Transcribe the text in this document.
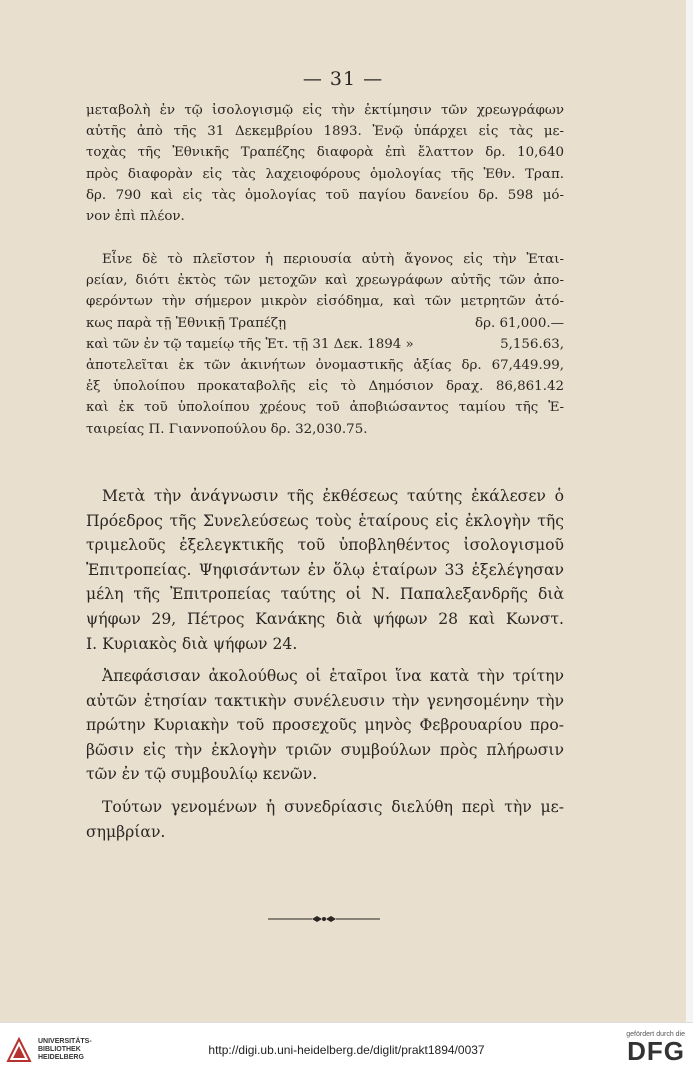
— 31 —

μεταβολὴ ἐν τῷ ἰσολογισμῷ εἰς τὴν ἐκτίμησιν τῶν χρεωγράφων

αὐτῆς ἀπὸ τῆς 31 Δεκεμβρίου 1893. Ἐνῷ ὑπάρχει εἰς τὰς με-

τοχὰς τῆς Ἐθνικῆς Τραπέζης διαφορὰ ἐπὶ ἔλαττον δρ. 10,640

πρὸς διαφορὰν εἰς τὰς λαχειοφόρους ὁμολογίας τῆς Ἐθν. Τραπ.

δρ. 790 καὶ εἰς τὰς ὁμολογίας τοῦ παγίου δανείου δρ. 598 μό-

νον ἐπὶ πλέον.

Εἶνε δὲ τὸ πλεῖστον ἡ περιουσία αὐτὴ ἄγονος εἰς τὴν Ἑται-

ρείαν, διότι ἐκτὸς τῶν μετοχῶν καὶ χρεωγράφων αὐτῆς τῶν ἀπο-

φερόντων τὴν σήμερον μικρὸν εἰσόδημα, καὶ τῶν μετρητῶν ἀτό-

κως παρὰ τῇ Ἐθνικῇ Τραπέζῃ	δρ. 61,000.—
καὶ τῶν ἐν τῷ ταμείῳ τῆς Ἑτ. τῇ 31 Δεκ. 1894 »	5,156.63,

ἀποτελεῖται ἐκ τῶν ἀκινήτων ὀνομαστικῆς ἀξίας δρ. 67,449.99,

ἐξ ὑπολοίπου προκαταβολῆς εἰς τὸ Δημόσιον δραχ. 86,861.42

καὶ ἐκ τοῦ ὑπολοίπου χρέους τοῦ ἀποβιώσαντος ταμίου τῆς Ἑ-

ταιρείας Π. Γιαννοπούλου δρ. 32,030.75.

Μετὰ τὴν ἀνάγνωσιν τῆς ἐκθέσεως ταύτης ἐκάλεσεν ὁ

Πρόεδρος τῆς Συνελεύσεως τοὺς ἑταίρους εἰς ἐκλογὴν τῆς

τριμελοῦς ἐξελεγκτικῆς τοῦ ὑποβληθέντος ἰσολογισμοῦ

Ἐπιτροπείας. Ψηφισάντων ἐν ὅλῳ ἑταίρων 33 ἐξελέγησαν

μέλη τῆς Ἐπιτροπείας ταύτης οἱ Ν. Παπαλεξανδρῆς διὰ

ψήφων 29, Πέτρος Κανάκης διὰ ψήφων 28 καὶ Κωνστ.

Ι. Κυριακὸς διὰ ψήφων 24.

Ἀπεφάσισαν ἀκολούθως οἱ ἑταῖροι ἵνα κατὰ τὴν τρίτην

αὐτῶν ἐτησίαν τακτικὴν συνέλευσιν τὴν γενησομένην τὴν

πρώτην Κυριακὴν τοῦ προσεχοῦς μηνὸς Φεβρουαρίου προ-

βῶσιν εἰς τὴν ἐκλογὴν τριῶν συμβούλων πρὸς πλήρωσιν

τῶν ἐν τῷ συμβουλίῳ κενῶν.

Τούτων γενομένων ἡ συνεδρίασις διελύθη περὶ τὴν με-

σημβρίαν.

UNIVERSITÄTS-
BIBLIOTHEK
HEIDELBERG
http://digi.ub.uni-heidelberg.de/diglit/prakt1894/0037
gefördert durch die
DFG
